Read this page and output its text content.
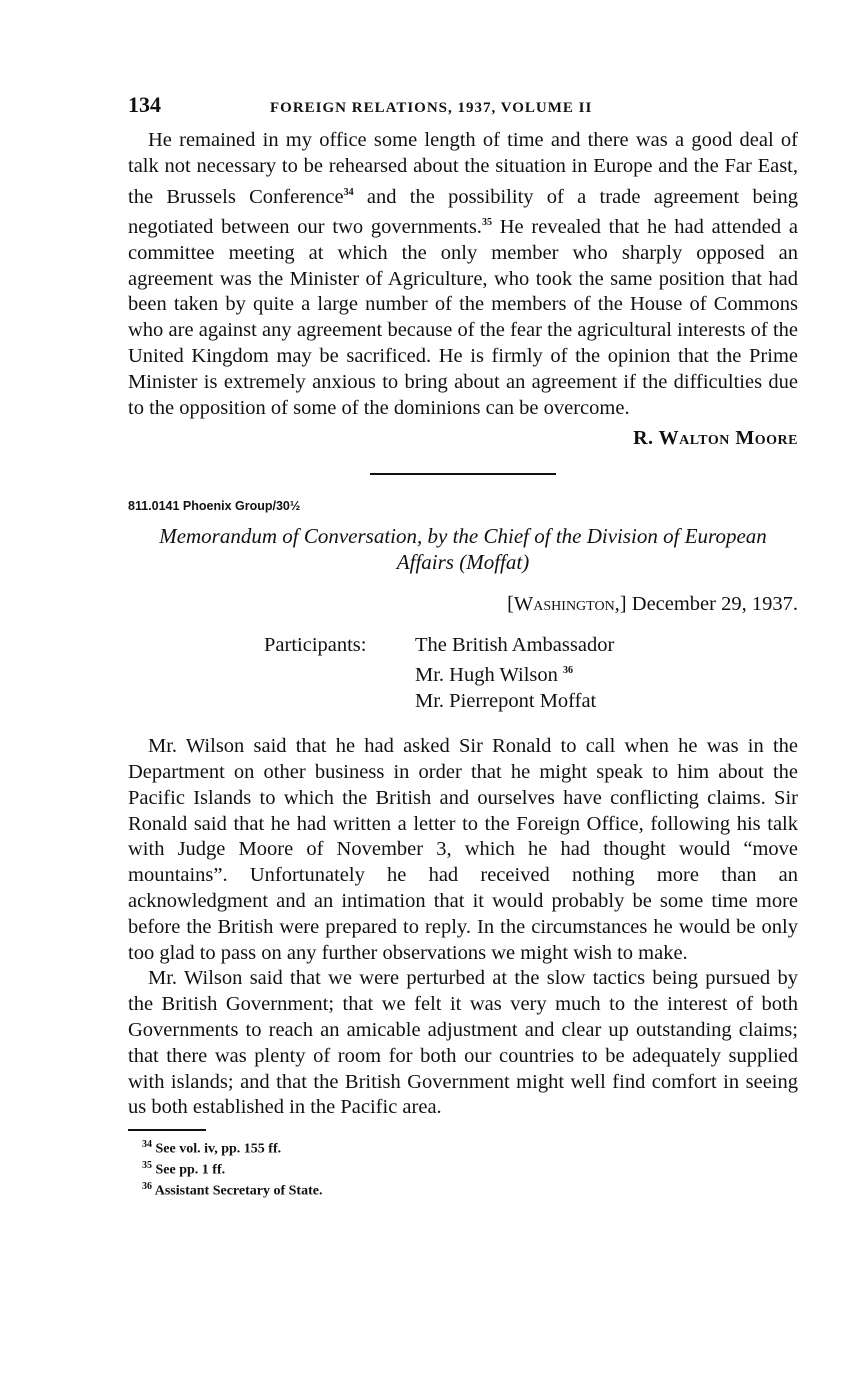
134	FOREIGN RELATIONS, 1937, VOLUME II

He remained in my office some length of time and there was a good deal of talk not necessary to be rehearsed about the situation in Europe and the Far East, the Brussels Conference$^{34}$ and the possibility of a trade agreement being negotiated between our two governments.$^{35}$ He revealed that he had attended a committee meeting at which the only member who sharply opposed an agreement was the Minister of Agriculture, who took the same position that had been taken by quite a large number of the members of the House of Commons who are against any agreement because of the fear the agricultural interests of the United Kingdom may be sacrificed. He is firmly of the opinion that the Prime Minister is extremely anxious to bring about an agreement if the difficulties due to the opposition of some of the dominions can be overcome.

R. Walton Moore
811.0141 Phoenix Group/30½
Memorandum of Conversation, by the Chief of the Division of European Affairs (Moffat)
[Washington,] December 29, 1937.
Participants:	The British Ambassador
Mr. Hugh Wilson $^{36}$
Mr. Pierrepont Moffat

Mr. Wilson said that he had asked Sir Ronald to call when he was in the Department on other business in order that he might speak to him about the Pacific Islands to which the British and ourselves have conflicting claims. Sir Ronald said that he had written a letter to the Foreign Office, following his talk with Judge Moore of November 3, which he had thought would “move mountains”. Unfortunately he had received nothing more than an acknowledgment and an intimation that it would probably be some time more before the British were prepared to reply. In the circumstances he would be only too glad to pass on any further observations we might wish to make.

Mr. Wilson said that we were perturbed at the slow tactics being pursued by the British Government; that we felt it was very much to the interest of both Governments to reach an amicable adjustment and clear up outstanding claims; that there was plenty of room for both our countries to be adequately supplied with islands; and that the British Government might well find comfort in seeing us both established in the Pacific area.

$^{34}$ See vol. iv, pp. 155 ff.
$^{35}$ See pp. 1 ff.
$^{36}$ Assistant Secretary of State.
